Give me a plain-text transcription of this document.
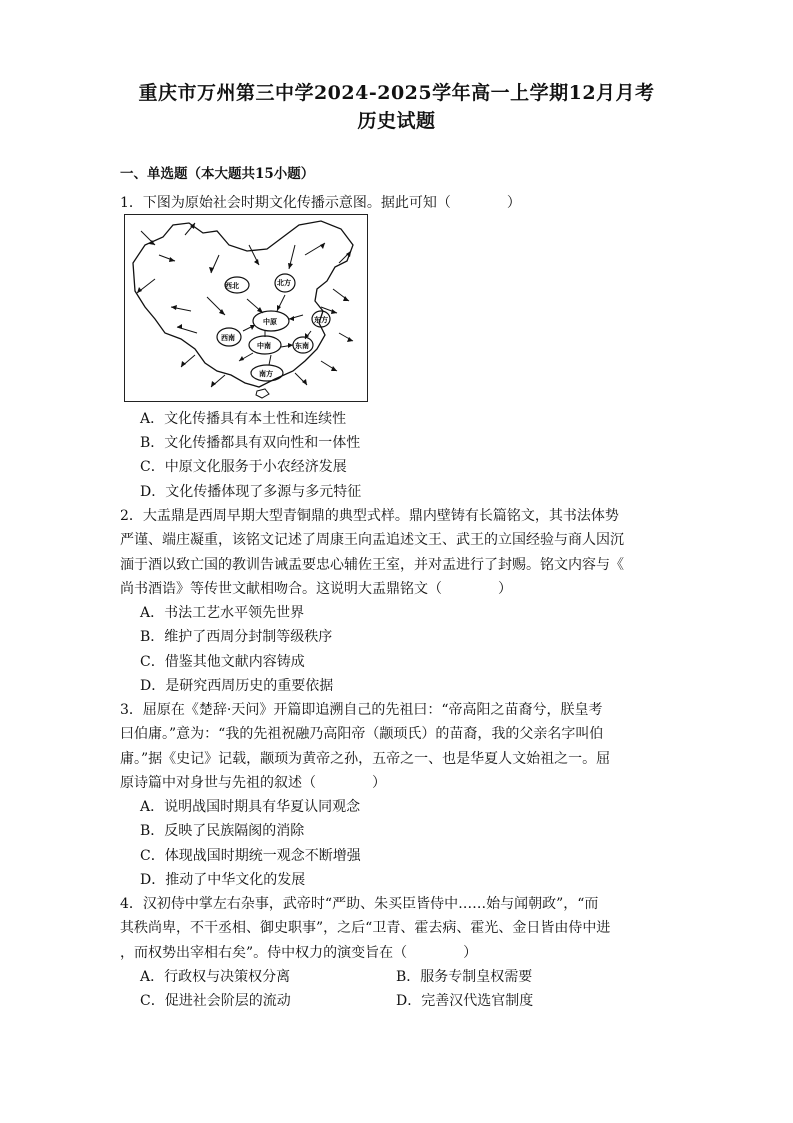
重庆市万州第三中学2024-2025学年高一上学期12月月考
历史试题
一、单选题（本大题共15小题）
1．下图为原始社会时期文化传播示意图。据此可知（　　　　）
西北	北方
中原	东方
西南
中南	东南
南方
A．文化传播具有本土性和连续性
B．文化传播都具有双向性和一体性
C．中原文化服务于小农经济发展
D．文化传播体现了多源与多元特征
2．大盂鼎是西周早期大型青铜鼎的典型式样。鼎内壁铸有长篇铭文，其书法体势
严谨、端庄凝重，该铭文记述了周康王向盂追述文王、武王的立国经验与商人因沉
湎于酒以致亡国的教训告诫盂要忠心辅佐王室，并对盂进行了封赐。铭文内容与《
尚书酒诰》等传世文献相吻合。这说明大盂鼎铭文（　　　　）
A．书法工艺水平领先世界
B．维护了西周分封制等级秩序
C．借鉴其他文献内容铸成
D．是研究西周历史的重要依据
3．屈原在《楚辞·天问》开篇即追溯自己的先祖曰：“帝高阳之苗裔兮，朕皇考
曰伯庸。”意为：“我的先祖祝融乃高阳帝（颛顼氏）的苗裔，我的父亲名字叫伯
庸。”据《史记》记载，颛顼为黄帝之孙，五帝之一、也是华夏人文始祖之一。屈
原诗篇中对身世与先祖的叙述（　　　　）
A．说明战国时期具有华夏认同观念
B．反映了民族隔阂的消除
C．体现战国时期统一观念不断增强
D．推动了中华文化的发展
4．汉初侍中掌左右杂事，武帝时“严助、朱买臣皆侍中……始与闻朝政”，“而
其秩尚卑，不干丞相、御史职事”，之后“卫青、霍去病、霍光、金日皆由侍中进
，而权势出宰相右矣”。侍中权力的演变旨在（　　　　）
A．行政权与决策权分离	B．服务专制皇权需要
C．促进社会阶层的流动	D．完善汉代选官制度
